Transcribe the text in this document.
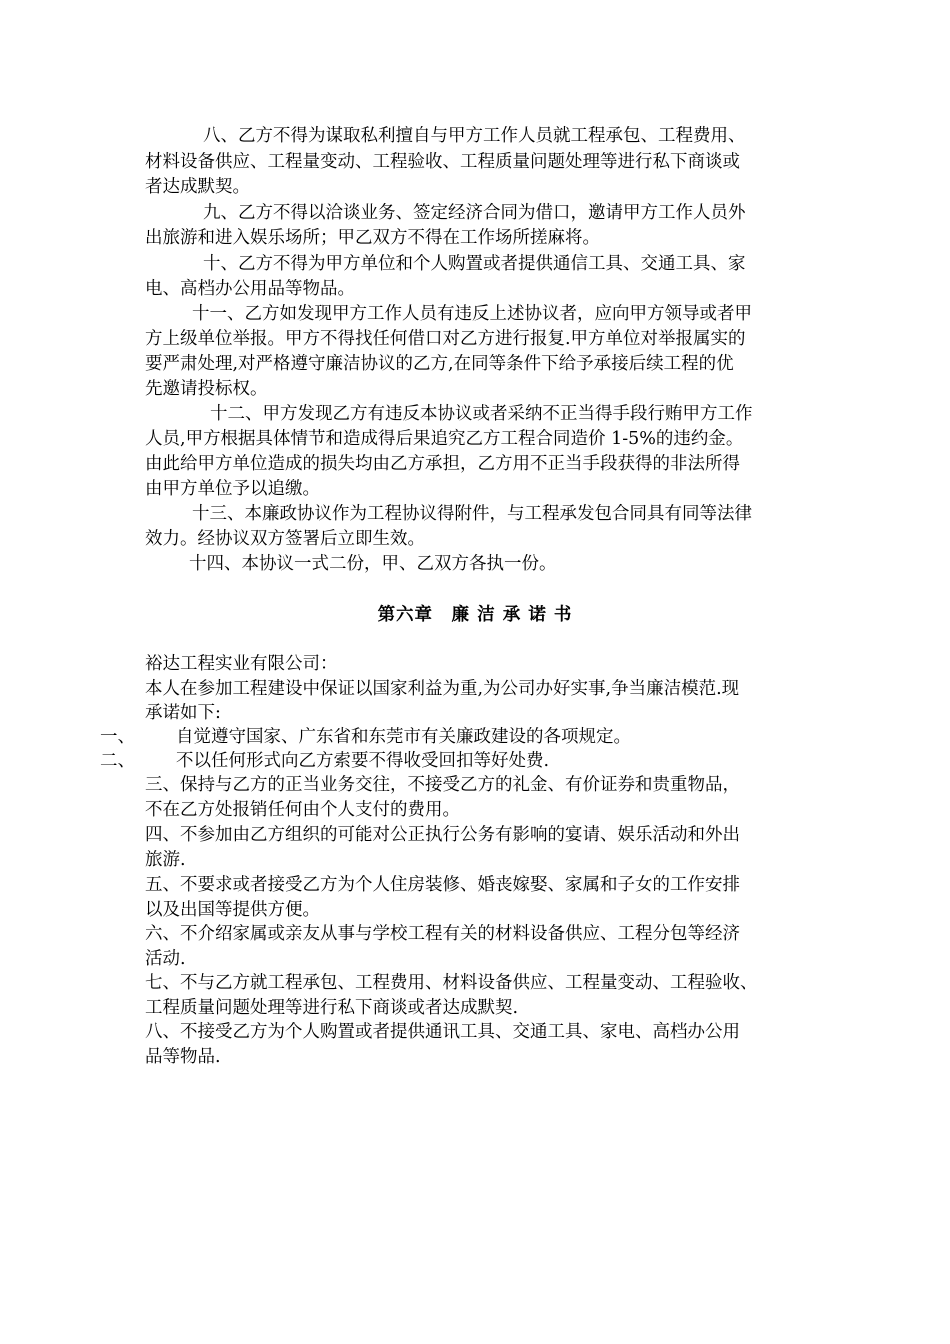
八、乙方不得为谋取私利擅自与甲方工作人员就工程承包、工程费用、
材料设备供应、工程量变动、工程验收、工程质量问题处理等进行私下商谈或
者达成默契。
九、乙方不得以洽谈业务、签定经济合同为借口，邀请甲方工作人员外
出旅游和进入娱乐场所；甲乙双方不得在工作场所搓麻将。
十、乙方不得为甲方单位和个人购置或者提供通信工具、交通工具、家
电、高档办公用品等物品。
十一、乙方如发现甲方工作人员有违反上述协议者，应向甲方领导或者甲
方上级单位举报。甲方不得找任何借口对乙方进行报复.甲方单位对举报属实的
要严肃处理,对严格遵守廉洁协议的乙方,在同等条件下给予承接后续工程的优
先邀请投标权。
十二、甲方发现乙方有违反本协议或者采纳不正当得手段行贿甲方工作
人员,甲方根据具体情节和造成得后果追究乙方工程合同造价 1-5%的违约金。
由此给甲方单位造成的损失均由乙方承担，乙方用不正当手段获得的非法所得
由甲方单位予以追缴。
十三、本廉政协议作为工程协议得附件，与工程承发包合同具有同等法律
效力。经协议双方签署后立即生效。
十四、本协议一式二份，甲、乙双方各执一份。
第六章　廉 洁 承 诺 书
裕达工程实业有限公司：
本人在参加工程建设中保证以国家利益为重,为公司办好实事,争当廉洁模范.现
承诺如下:
一、 自觉遵守国家、广东省和东莞市有关廉政建设的各项规定。
二、 不以任何形式向乙方索要不得收受回扣等好处费.
三、保持与乙方的正当业务交往，不接受乙方的礼金、有价证券和贵重物品，
不在乙方处报销任何由个人支付的费用。
四、不参加由乙方组织的可能对公正执行公务有影响的宴请、娱乐活动和外出
旅游.
五、不要求或者接受乙方为个人住房装修、婚丧嫁娶、家属和子女的工作安排
以及出国等提供方便。
六、不介绍家属或亲友从事与学校工程有关的材料设备供应、工程分包等经济
活动.
七、不与乙方就工程承包、工程费用、材料设备供应、工程量变动、工程验收、
工程质量问题处理等进行私下商谈或者达成默契.
八、不接受乙方为个人购置或者提供通讯工具、交通工具、家电、高档办公用
品等物品.
